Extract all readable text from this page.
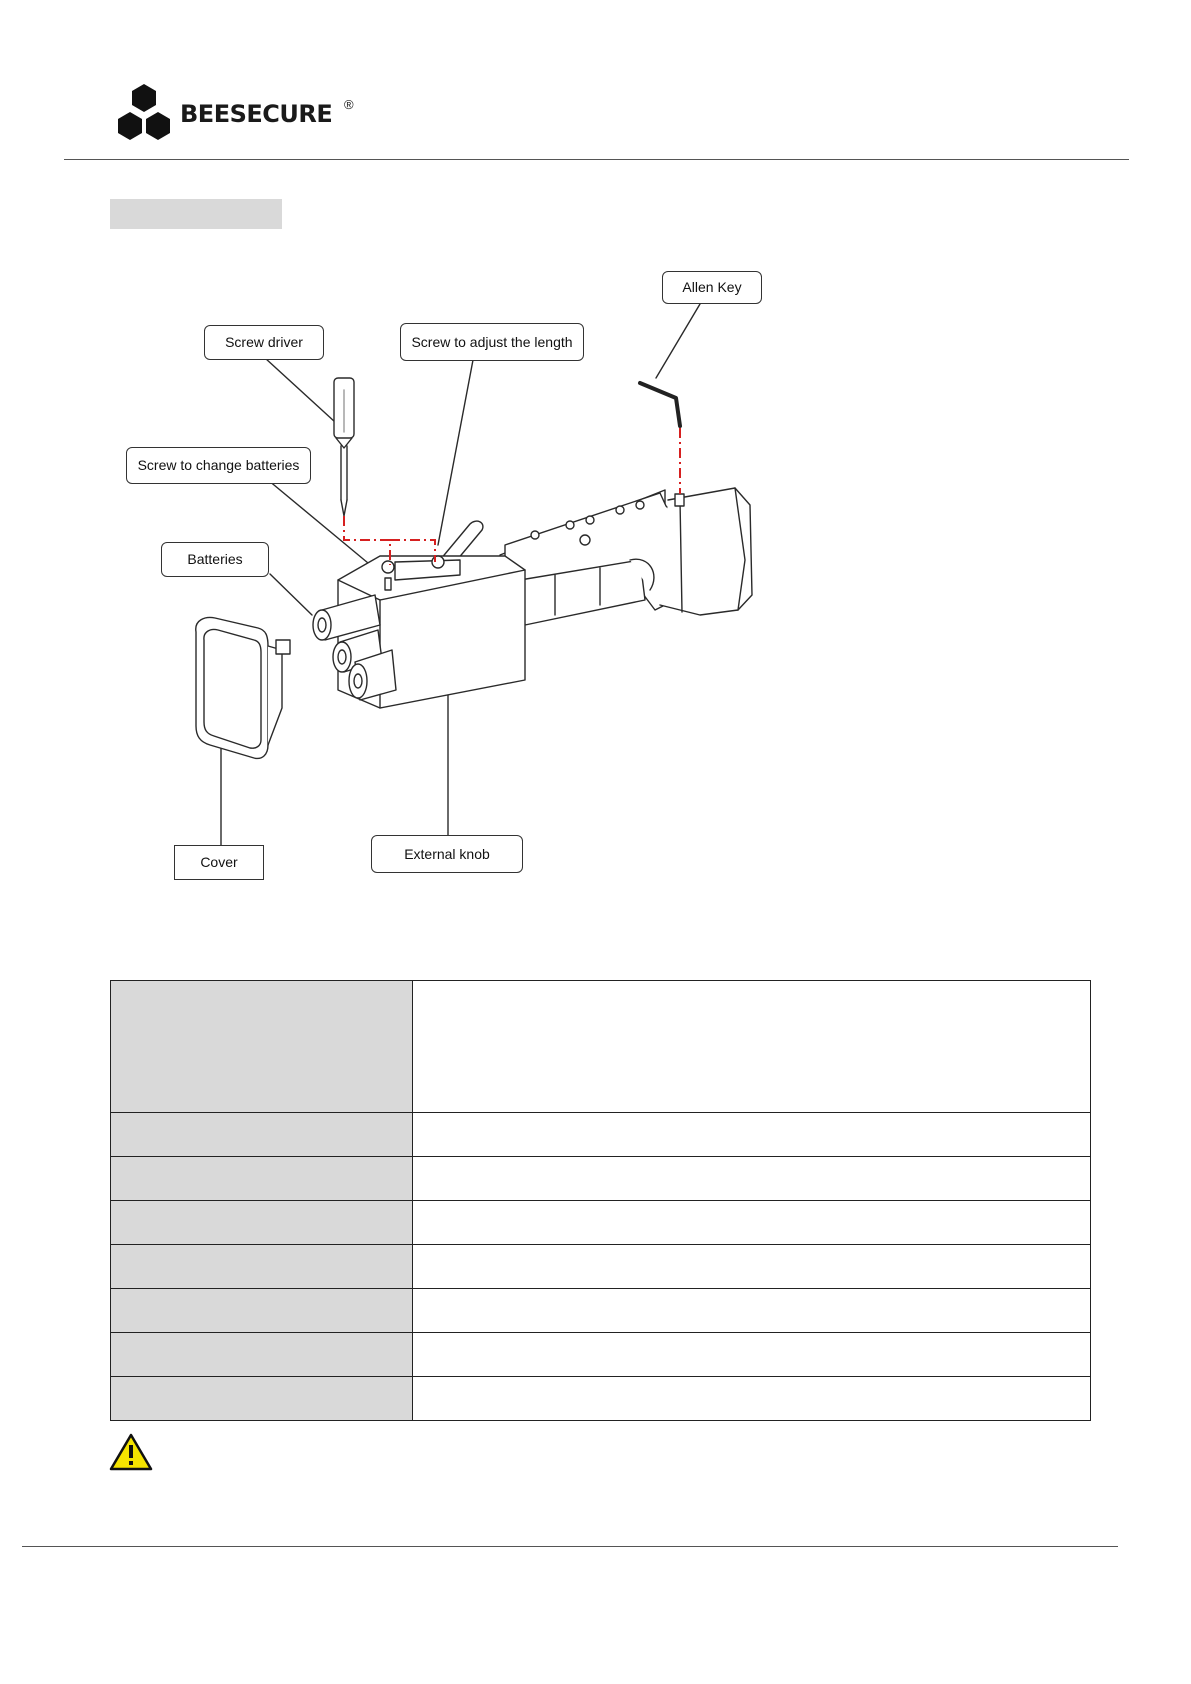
BEESECURE ®
Allen Key
Screw driver	Screw to adjust the length
Screw to change batteries
Batteries
Cover	External knob
